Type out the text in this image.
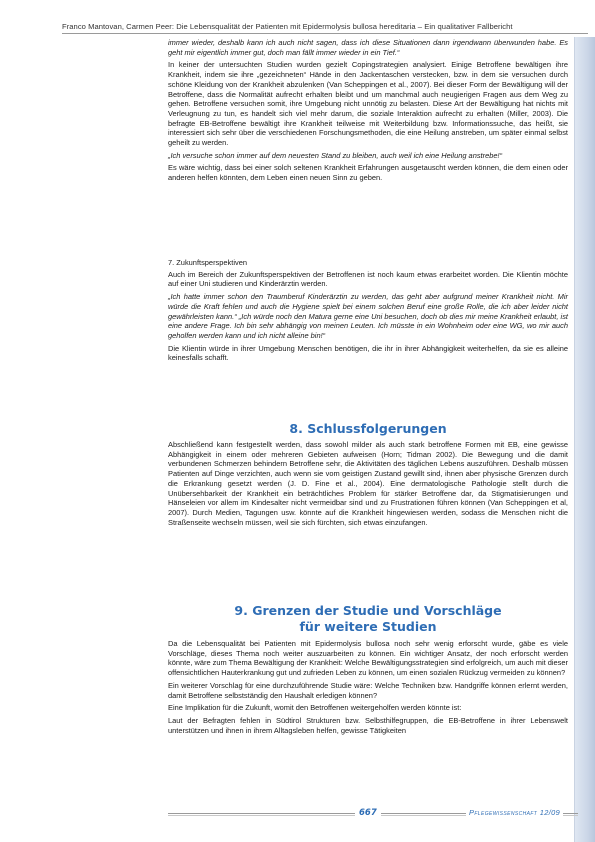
Franco Mantovan, Carmen Peer: Die Lebensqualität der Patienten mit Epidermolysis bullosa hereditaria – Ein qualitativer Fallbericht

immer wieder, deshalb kann ich auch nicht sagen, dass ich diese Situationen dann irgendwann überwunden habe. Es geht mir eigentlich immer gut, doch man fällt immer wieder in ein Tief.“

In keiner der untersuchten Studien wurden gezielt Copingstrategien analysiert. Einige Betroffene bewältigen ihre Krankheit, indem sie ihre „gezeichneten“ Hände in den Jackentaschen verstecken, bzw. in dem sie versuchen durch schöne Kleidung von der Krankheit abzulenken (Van Scheppingen et al., 2007). Bei dieser Form der Bewältigung will der Betroffene, dass die Normalität aufrecht erhalten bleibt und um manchmal auch neugierigen Fragen aus dem Weg zu gehen. Betroffene versuchen somit, ihre Umgebung nicht unnötig zu belasten. Diese Art der Bewältigung hat nichts mit Verleugnung zu tun, es handelt sich viel mehr darum, die soziale Interaktion aufrecht zu erhalten (Miller, 2003). Die befragte EB-Betroffene bewältigt ihre Krankheit teilweise mit Weiterbildung bzw. Informationssuche, das heißt, sie interessiert sich sehr über die verschiedenen Forschungsmethoden, die eine Heilung anstreben, um später einmal selbst geheilt zu werden.

„Ich versuche schon immer auf dem neuesten Stand zu bleiben, auch weil ich eine Heilung anstrebe!“

Es wäre wichtig, dass bei einer solch seltenen Krankheit Erfahrungen ausgetauscht werden können, die dem einen oder anderen helfen könnten, dem Leben einen neuen Sinn zu geben.

7. Zukunftsperspektiven

Auch im Bereich der Zukunftsperspektiven der Betroffenen ist noch kaum etwas erarbeitet worden. Die Klientin möchte auf einer Uni studieren und Kinderärztin werden.

„Ich hatte immer schon den Traumberuf Kinderärztin zu werden, das geht aber aufgrund meiner Krankheit nicht. Mir würde die Kraft fehlen und auch die Hygiene spielt bei einem solchen Beruf eine große Rolle, die ich aber leider nicht gewährleisten kann.“ „Ich würde noch den Matura gerne eine Uni besuchen, doch ob dies mir meine Krankheit erlaubt, ist eine andere Frage. Ich bin sehr abhängig von meinen Leuten. Ich müsste in ein Wohnheim oder eine WG, wo mir auch geholfen werden kann und ich nicht alleine bin!“

Die Klientin würde in ihrer Umgebung Menschen benötigen, die ihr in ihrer Abhängigkeit weiterhelfen, da sie es alleine keinesfalls schafft.

8. Schlussfolgerungen

Abschließend kann festgestellt werden, dass sowohl milder als auch stark betroffene Formen mit EB, eine gewisse Abhängigkeit in einem oder mehreren Gebieten aufweisen (Horn; Tidman 2002). Die Bewegung und die damit verbundenen Schmerzen behindern Betroffene sehr, die Aktivitäten des täglichen Lebens auszuführen. Deshalb müssen Patienten auf Dinge verzichten, auch wenn sie vom geistigen Zustand gewillt sind, ihnen aber physische Grenzen durch die Erkrankung gesetzt werden (J. D. Fine et al., 2004). Eine dermatologische Pathologie stellt durch die Unübersehbarkeit der Krankheit ein beträchtliches Problem für stärker Betroffene dar, da Stigmatisierungen und Hänseleien vor allem im Kindesalter nicht vermeidbar sind und zu Frustrationen führen können (Van Scheppingen et al, 2007). Durch Medien, Tagungen usw. könnte auf die Krankheit hingewiesen werden, sodass die Menschen nicht die Straßenseite wechseln müssen, weil sie sich fürchten, sich etwas einzufangen.

9. Grenzen der Studie und Vorschläge
für weitere Studien

Da die Lebensqualität bei Patienten mit Epidermolysis bullosa noch sehr wenig erforscht wurde, gäbe es viele Vorschläge, dieses Thema noch weiter auszuarbeiten zu können. Ein wichtiger Ansatz, der noch erforscht werden könnte, wäre zum Thema Bewältigung der Krankheit: Welche Bewältigungsstrategien sind erfolgreich, um auch mit dieser offensichtlichen Hauterkrankung gut und zufrieden Leben zu können, um einen sozialen Rückzug vermeiden zu können?

Ein weiterer Vorschlag für eine durchzuführende Studie wäre: Welche Techniken bzw. Handgriffe können erlernt werden, damit Betroffene selbstständig den Haushalt erledigen können?

Eine Implikation für die Zukunft, womit den Betroffenen weitergeholfen werden könnte ist:

Laut der Befragten fehlen in Südtirol Strukturen bzw. Selbsthilfegruppen, die EB-Betroffene in ihrer Lebenswelt unterstützen und ihnen in ihrem Alltagsleben helfen, gewisse Tätigkeiten

667	Pflegewissenschaft 12/09
